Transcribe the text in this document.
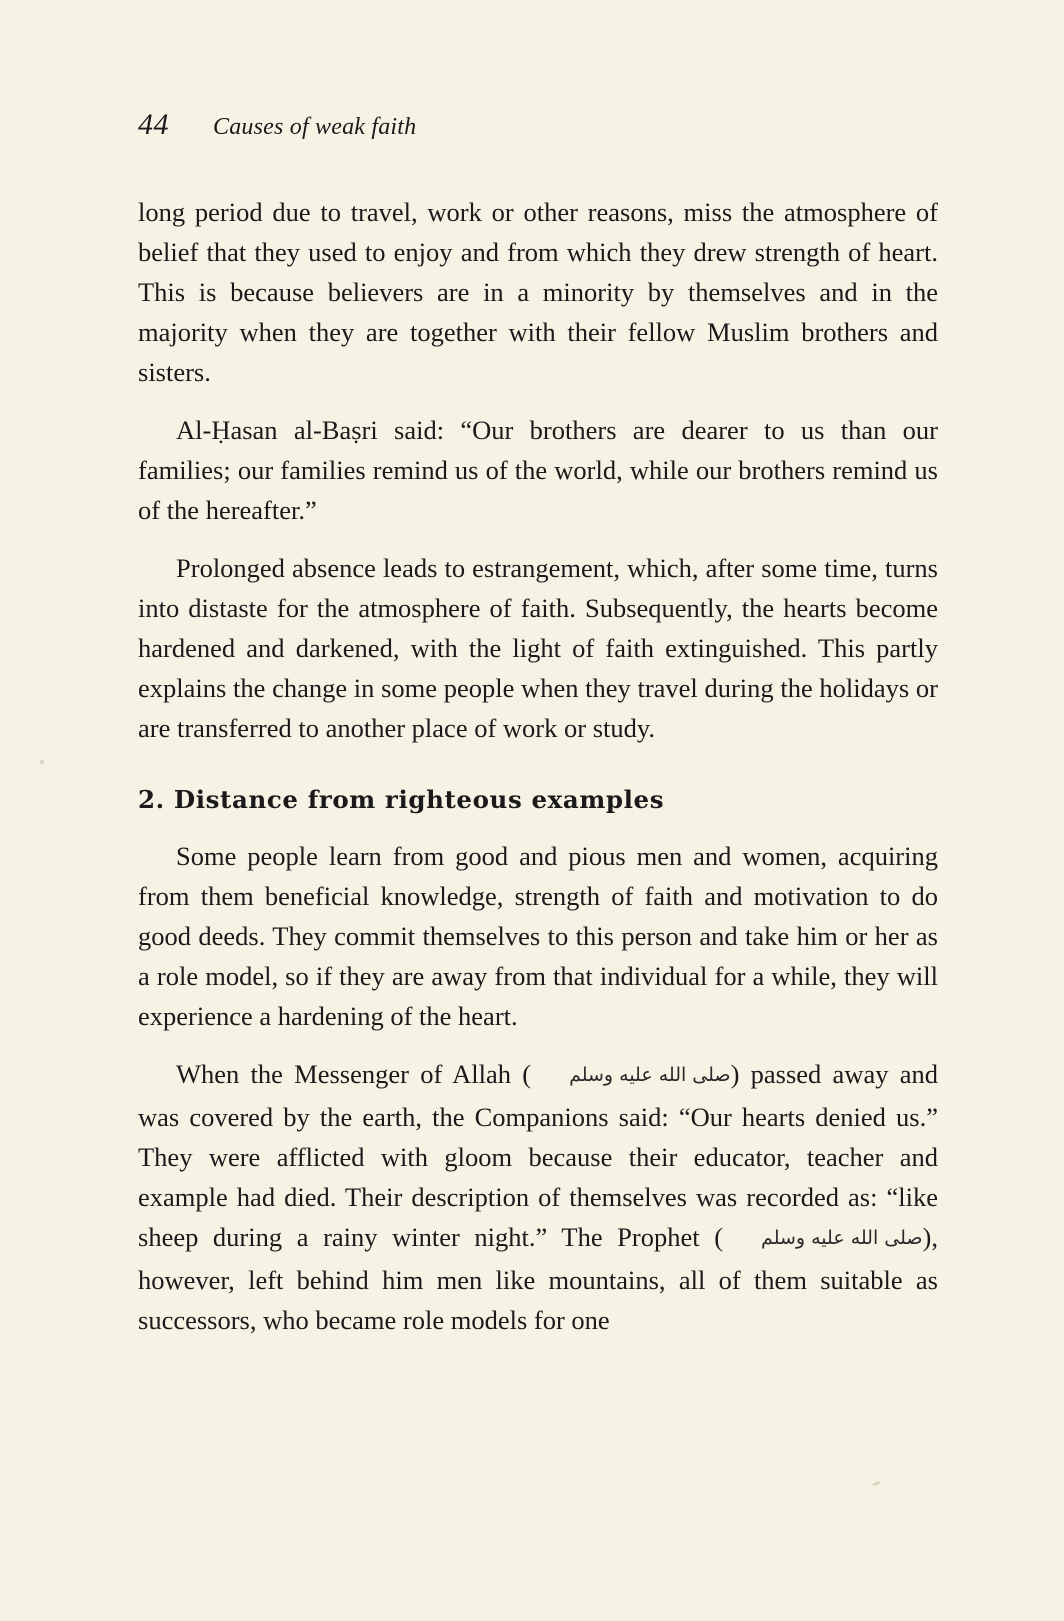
44 Causes of weak faith

long period due to travel, work or other reasons, miss the atmosphere of belief that they used to enjoy and from which they drew strength of heart. This is because believers are in a minority by themselves and in the majority when they are together with their fellow Muslim brothers and sisters.

Al-Ḥasan al-Baṣri said: “Our brothers are dearer to us than our families; our families remind us of the world, while our brothers remind us of the hereafter.”

Prolonged absence leads to estrangement, which, after some time, turns into distaste for the atmosphere of faith. Subsequently, the hearts become hardened and darkened, with the light of faith extinguished. This partly explains the change in some people when they travel during the holidays or are transferred to another place of work or study.

2. Distance from righteous examples

Some people learn from good and pious men and women, acquiring from them beneficial knowledge, strength of faith and motivation to do good deeds. They commit themselves to this person and take him or her as a role model, so if they are away from that individual for a while, they will experience a hardening of the heart.

When the Messenger of Allah ( صلى الله عليه وسلم) passed away and was covered by the earth, the Companions said: “Our hearts denied us.” They were afflicted with gloom because their educator, teacher and example had died. Their description of themselves was recorded as: “like sheep during a rainy winter night.” The Prophet ( صلى الله عليه وسلم), however, left behind him men like mountains, all of them suitable as successors, who became role models for one
